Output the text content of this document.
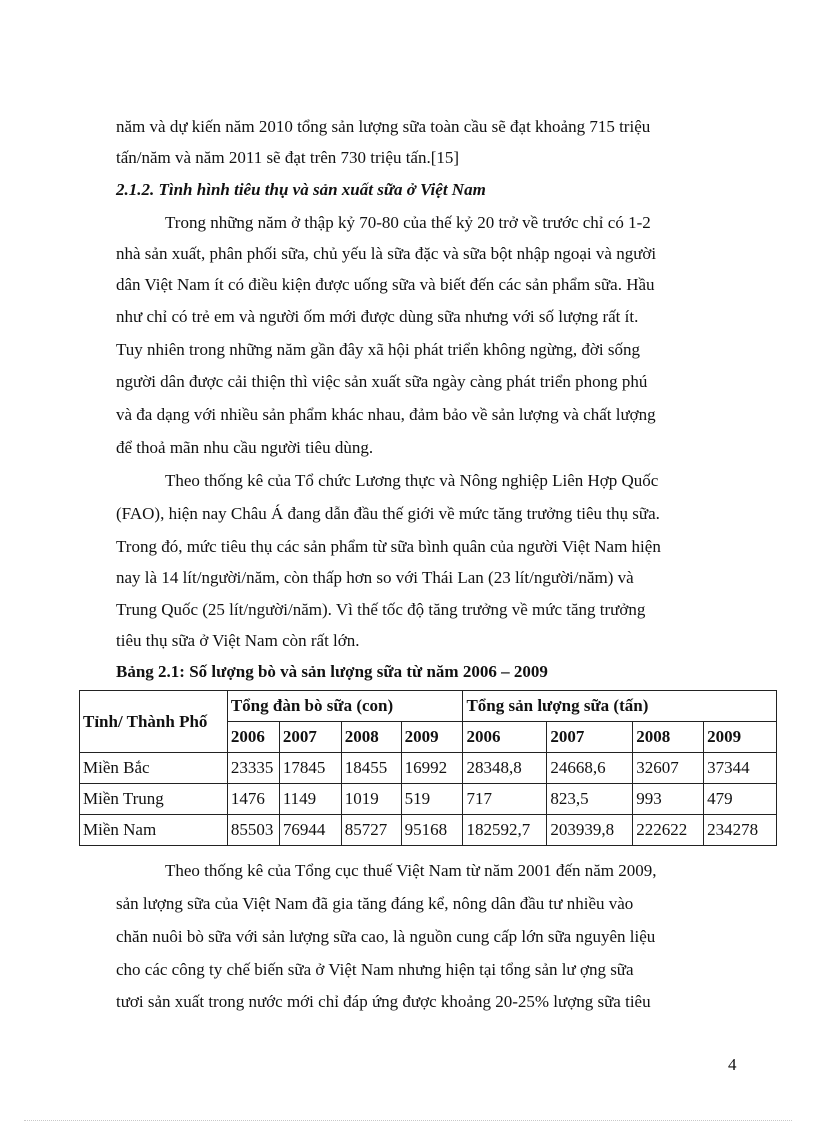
năm và dự kiến năm 2010 tổng sản lượng sữa toàn cầu sẽ đạt khoảng 715 triệu
tấn/năm và năm 2011 sẽ đạt trên 730 triệu tấn.[15]
2.1.2. Tình hình tiêu thụ và sản xuất sữa ở Việt Nam
Trong những năm ở thập kỷ 70-80 của thế kỷ 20 trở về trước chỉ có 1-2
nhà sản xuất, phân phối sữa, chủ yếu là sữa đặc và sữa bột nhập ngoại và người
dân Việt Nam ít có điều kiện được uống sữa và biết đến các sản phẩm sữa. Hầu
như chỉ có trẻ em và người ốm mới được dùng sữa nhưng với số lượng rất ít.
Tuy nhiên trong những năm gần đây xã hội phát triển không ngừng, đời sống
người dân được cải thiện thì việc sản xuất sữa ngày càng phát triển phong phú
và đa dạng với nhiều sản phẩm khác nhau, đảm bảo về sản lượng và chất lượng
để thoả mãn nhu cầu người tiêu dùng.
Theo thống kê của Tổ chức Lương thực và Nông nghiệp Liên Hợp Quốc
(FAO), hiện nay Châu Á đang dẫn đầu thế giới về mức tăng trưởng tiêu thụ sữa.
Trong đó, mức tiêu thụ các sản phẩm từ sữa bình quân của người Việt Nam hiện
nay là 14 lít/người/năm, còn thấp hơn so với Thái Lan (23 lít/người/năm) và
Trung Quốc (25 lít/người/năm). Vì thế tốc độ tăng trưởng về mức tăng trưởng
tiêu thụ sữa ở Việt Nam còn rất lớn.
Bảng 2.1: Số lượng bò và sản lượng sữa từ năm 2006 – 2009
Tỉnh/ Thành Phố	Tổng đàn bò sữa (con)				Tổng sản lượng sữa (tấn)			
	2006	2007	2008	2009	2006	2007	2008	2009
Miền Bắc	23335	17845	18455	16992	28348,8	24668,6	32607	37344
Miền Trung	1476	1149	1019	519	717	823,5	993	479
Miền Nam	85503	76944	85727	95168	182592,7	203939,8	222622	234278
Theo thống kê của Tổng cục thuế Việt Nam từ năm 2001 đến năm 2009,
sản lượng sữa của Việt Nam đã gia tăng đáng kể, nông dân đầu tư nhiều vào
chăn nuôi bò sữa với sản lượng sữa cao, là nguồn cung cấp lớn sữa nguyên liệu
cho các công ty chế biến sữa ở Việt Nam nhưng hiện tại tổng sản lư ợng sữa
tươi sản xuất trong nước mới chỉ đáp ứng được khoảng 20-25% lượng sữa tiêu
4
